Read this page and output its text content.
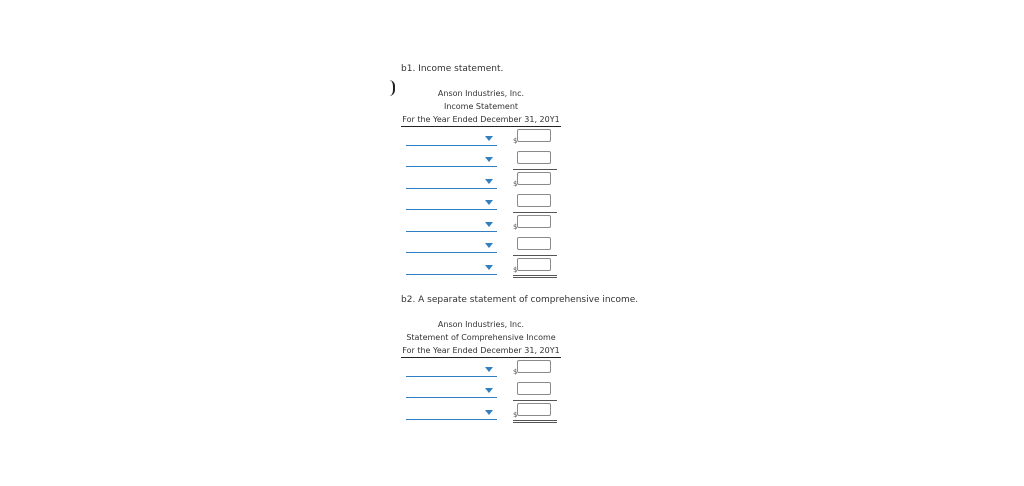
b1. Income statement.
Anson Industries, Inc.
Income Statement
For the Year Ended December 31, 20Y1
$
$
$
$
b2. A separate statement of comprehensive income.
Anson Industries, Inc.
Statement of Comprehensive Income
For the Year Ended December 31, 20Y1
$
$
